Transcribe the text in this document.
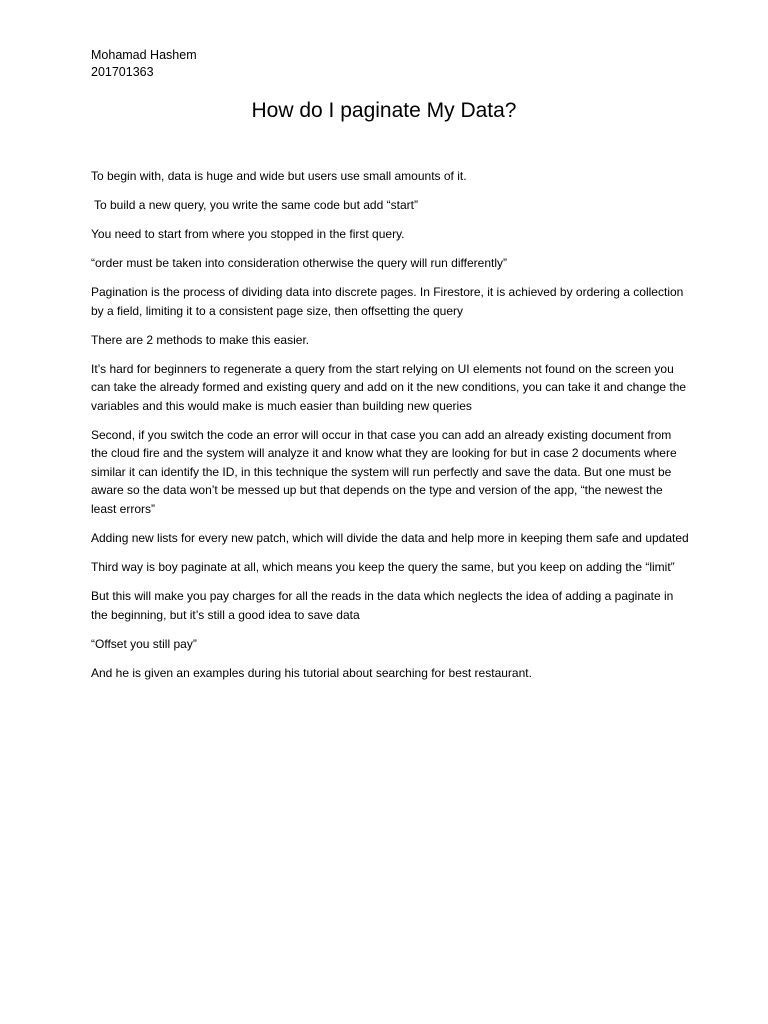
Mohamad Hashem
201701363
How do I paginate My Data?

To begin with, data is huge and wide but users use small amounts of it.

To build a new query, you write the same code but add “start”

You need to start from where you stopped in the first query.

“order must be taken into consideration otherwise the query will run differently”

Pagination is the process of dividing data into discrete pages. In Firestore, it is achieved by ordering a collection by a field, limiting it to a consistent page size, then offsetting the query

There are 2 methods to make this easier.

It’s hard for beginners to regenerate a query from the start relying on UI elements not found on the screen you can take the already formed and existing query and add on it the new conditions, you can take it and change the variables and this would make is much easier than building new queries

Second, if you switch the code an error will occur in that case you can add an already existing document from the cloud fire and the system will analyze it and know what they are looking for but in case 2 documents where similar it can identify the ID, in this technique the system will run perfectly and save the data. But one must be aware so the data won’t be messed up but that depends on the type and version of the app, “the newest the least errors”

Adding new lists for every new patch, which will divide the data and help more in keeping them safe and updated

Third way is boy paginate at all, which means you keep the query the same, but you keep on adding the “limit”

But this will make you pay charges for all the reads in the data which neglects the idea of adding a paginate in the beginning, but it’s still a good idea to save data

“Offset you still pay”

And he is given an examples during his tutorial about searching for best restaurant.
